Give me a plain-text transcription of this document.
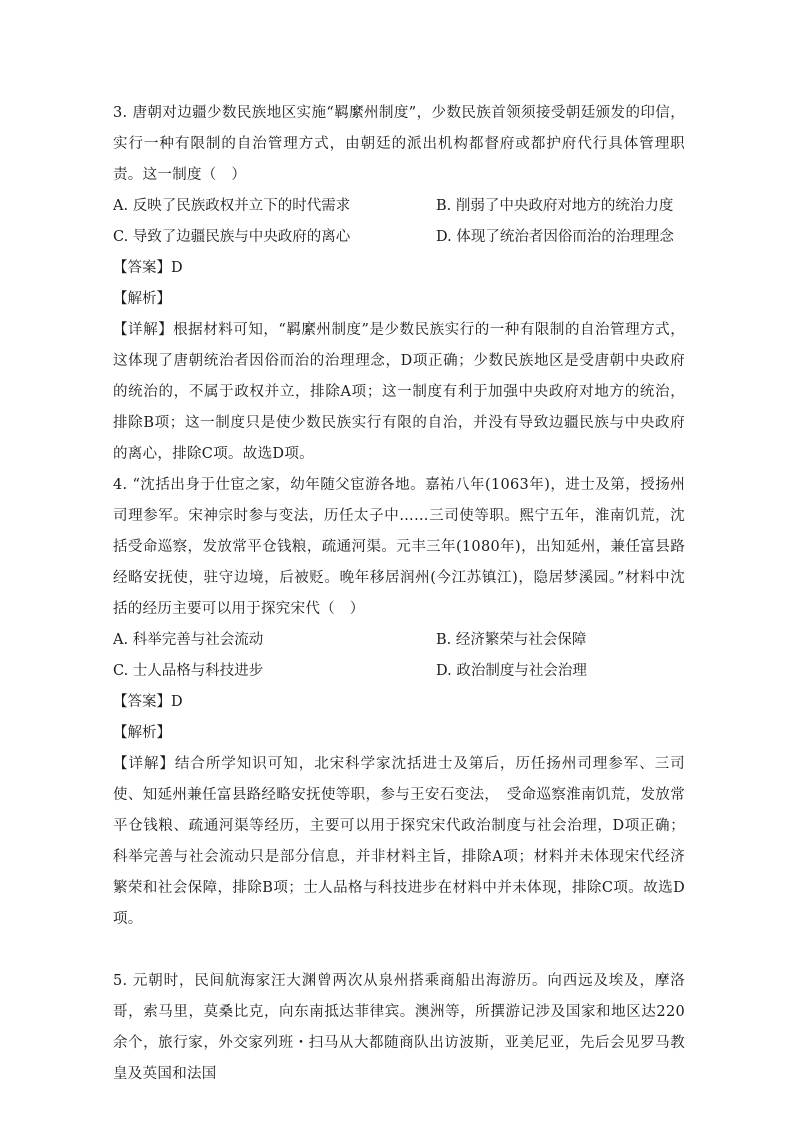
3. 唐朝对边疆少数民族地区实施“羁縻州制度”，少数民族首领须接受朝廷颁发的印信，实行一种有限制的自治管理方式，由朝廷的派出机构都督府或都护府代行具体管理职责。这一制度（　）

A. 反映了民族政权并立下的时代需求	B. 削弱了中央政府对地方的统治力度
C. 导致了边疆民族与中央政府的离心	D. 体现了统治者因俗而治的治理理念

【答案】D

【解析】

【详解】根据材料可知，“羁縻州制度”是少数民族实行的一种有限制的自治管理方式，这体现了唐朝统治者因俗而治的治理理念，D项正确；少数民族地区是受唐朝中央政府的统治的，不属于政权并立，排除A项；这一制度有利于加强中央政府对地方的统治，排除B项；这一制度只是使少数民族实行有限的自治，并没有导致边疆民族与中央政府的离心，排除C项。故选D项。

4. “沈括出身于仕宦之家，幼年随父宦游各地。嘉祐八年(1063年)，进士及第，授扬州司理参军。宋神宗时参与变法，历任太子中……三司使等职。熙宁五年，淮南饥荒，沈括受命巡察，发放常平仓钱粮，疏通河渠。元丰三年(1080年)，出知延州，兼任富县路经略安抚使，驻守边境，后被贬。晚年移居润州(今江苏镇江)，隐居梦溪园。”材料中沈括的经历主要可以用于探究宋代（　）

A. 科举完善与社会流动	B. 经济繁荣与社会保障
C. 士人品格与科技进步	D. 政治制度与社会治理

【答案】D

【解析】

【详解】结合所学知识可知，北宋科学家沈括进士及第后，历任扬州司理参军、三司使、知延州兼任富县路经略安抚使等职，参与王安石变法，　受命巡察淮南饥荒，发放常平仓钱粮、疏通河渠等经历，主要可以用于探究宋代政治制度与社会治理，D项正确；科举完善与社会流动只是部分信息，并非材料主旨，排除A项；材料并未体现宋代经济繁荣和社会保障，排除B项；士人品格与科技进步在材料中并未体现，排除C项。故选D项。

5. 元朝时，民间航海家汪大渊曾两次从泉州搭乘商船出海游历。向西远及埃及，摩洛哥，索马里，莫桑比克，向东南抵达菲律宾。澳洲等，所撰游记涉及国家和地区达220余个，旅行家，外交家列班・扫马从大都随商队出访波斯，亚美尼亚，先后会见罗马教皇及英国和法国
